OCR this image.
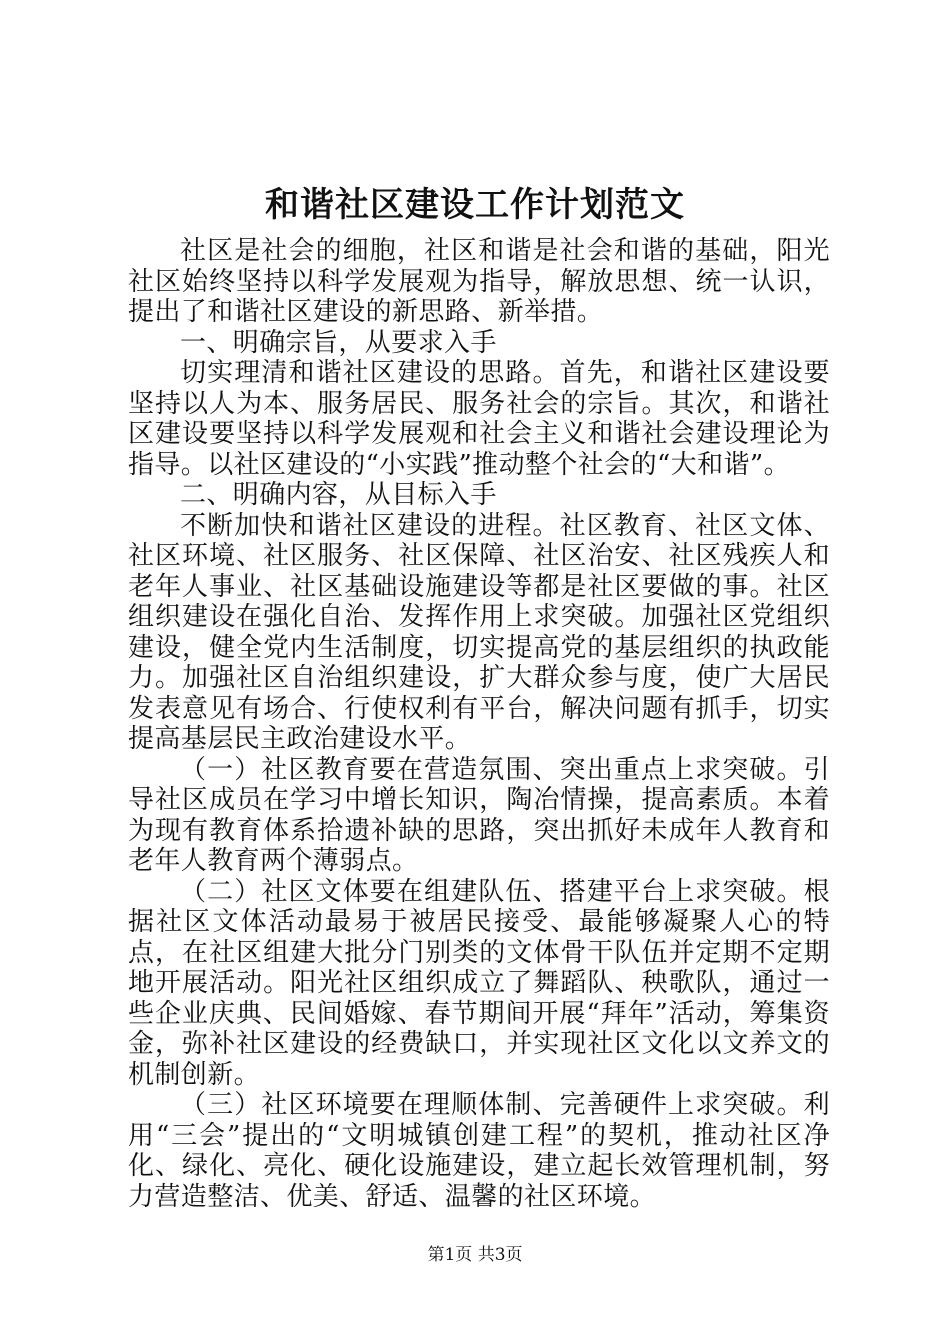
和谐社区建设工作计划范文

社区是社会的细胞，社区和谐是社会和谐的基础，阳光社区始终坚持以科学发展观为指导，解放思想、统一认识，提出了和谐社区建设的新思路、新举措。

一、明确宗旨，从要求入手

切实理清和谐社区建设的思路。首先，和谐社区建设要坚持以人为本、服务居民、服务社会的宗旨。其次，和谐社区建设要坚持以科学发展观和社会主义和谐社会建设理论为指导。以社区建设的“小实践”推动整个社会的“大和谐”。

二、明确内容，从目标入手

不断加快和谐社区建设的进程。社区教育、社区文体、社区环境、社区服务、社区保障、社区治安、社区残疾人和老年人事业、社区基础设施建设等都是社区要做的事。社区组织建设在强化自治、发挥作用上求突破。加强社区党组织建设，健全党内生活制度，切实提高党的基层组织的执政能力。加强社区自治组织建设，扩大群众参与度，使广大居民发表意见有场合、行使权利有平台，解决问题有抓手，切实提高基层民主政治建设水平。

（一）社区教育要在营造氛围、突出重点上求突破。引导社区成员在学习中增长知识，陶冶情操，提高素质。本着为现有教育体系拾遗补缺的思路，突出抓好未成年人教育和老年人教育两个薄弱点。

（二）社区文体要在组建队伍、搭建平台上求突破。根据社区文体活动最易于被居民接受、最能够凝聚人心的特点，在社区组建大批分门别类的文体骨干队伍并定期不定期地开展活动。阳光社区组织成立了舞蹈队、秧歌队，通过一些企业庆典、民间婚嫁、春节期间开展“拜年”活动，筹集资金，弥补社区建设的经费缺口，并实现社区文化以文养文的机制创新。

（三）社区环境要在理顺体制、完善硬件上求突破。利用“三会”提出的“文明城镇创建工程”的契机，推动社区净化、绿化、亮化、硬化设施建设，建立起长效管理机制，努力营造整洁、优美、舒适、温馨的社区环境。

第1页 共3页
